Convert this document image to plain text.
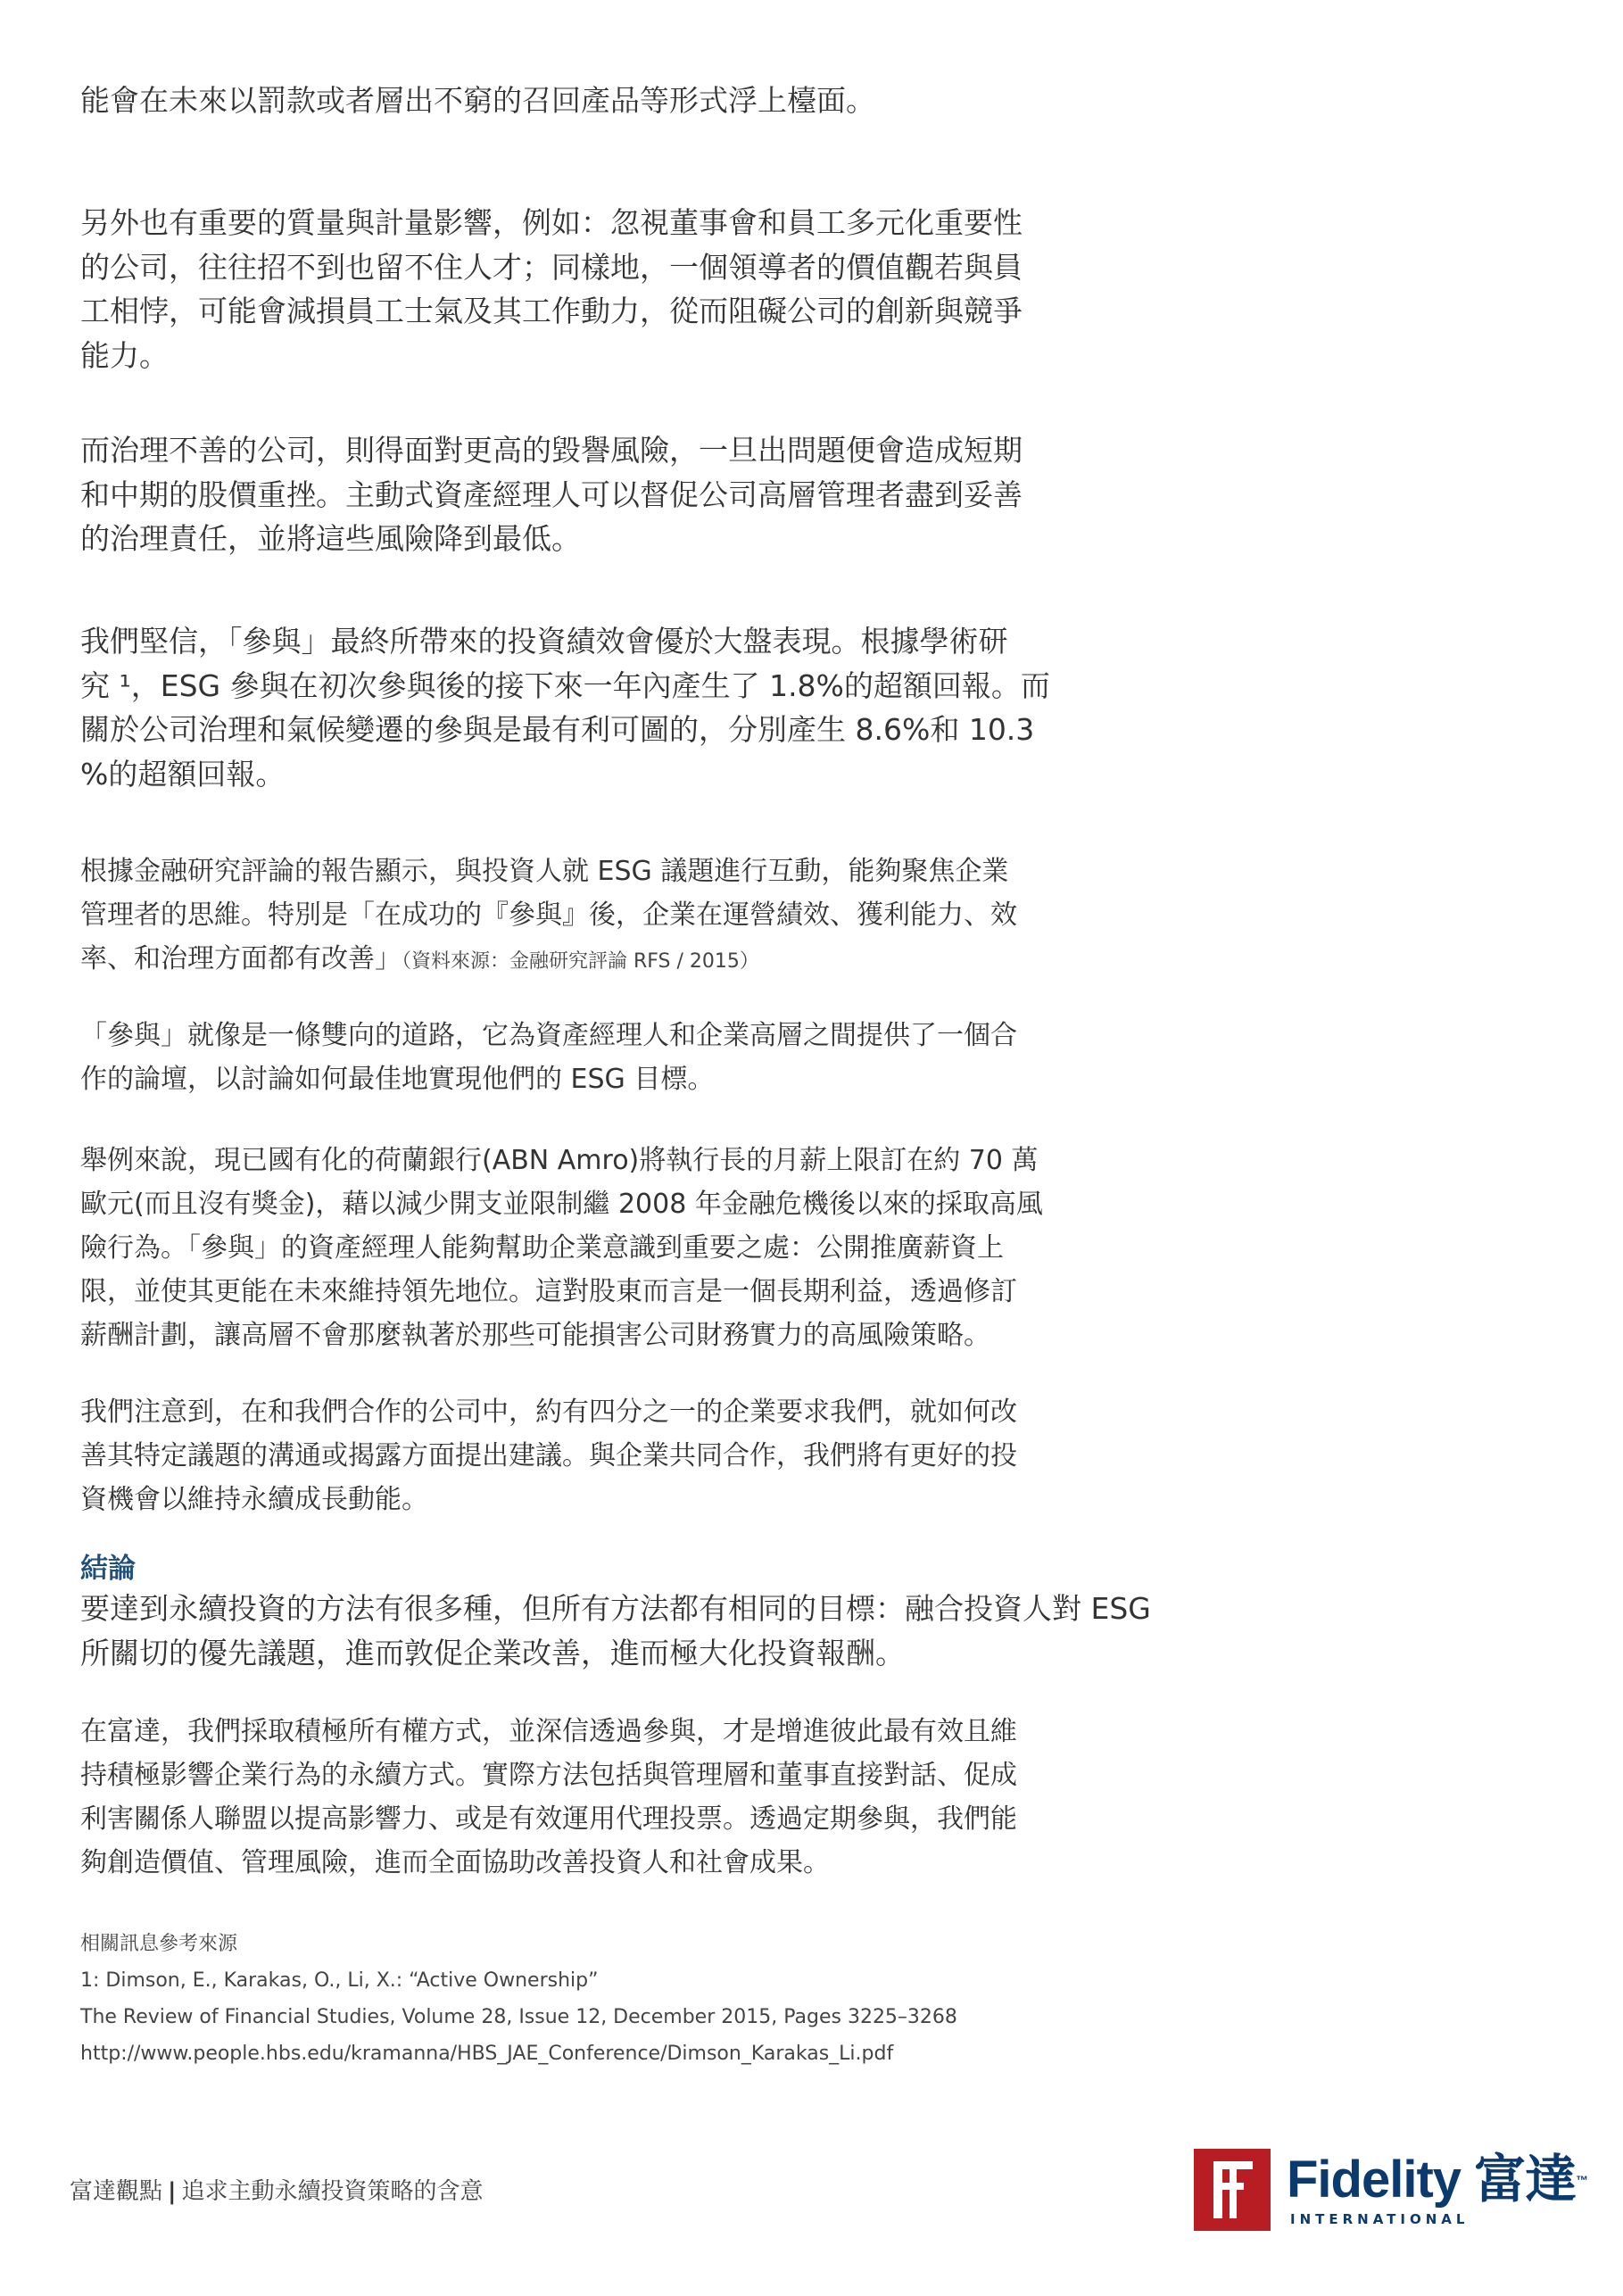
能會在未來以罰款或者層出不窮的召回產品等形式浮上檯面。

另外也有重要的質量與計量影響，例如：忽視董事會和員工多元化重要性
的公司，往往招不到也留不住人才；同樣地，一個領導者的價值觀若與員
工相悖，可能會減損員工士氣及其工作動力，從而阻礙公司的創新與競爭
能力。

而治理不善的公司，則得面對更高的毀譽風險，一旦出問題便會造成短期
和中期的股價重挫。主動式資產經理人可以督促公司高層管理者盡到妥善
的治理責任，並將這些風險降到最低。

我們堅信，「參與」最終所帶來的投資績效會優於大盤表現。根據學術研
究 ¹，ESG 參與在初次參與後的接下來一年內產生了 1.8%的超額回報。而
關於公司治理和氣候變遷的參與是最有利可圖的，分別產生 8.6%和 10.3
%的超額回報。

根據金融研究評論的報告顯示，與投資人就 ESG 議題進行互動，能夠聚焦企業
管理者的思維。特別是「在成功的『參與』後，企業在運營績效、獲利能力、效
率、和治理方面都有改善」（資料來源：金融研究評論 RFS / 2015）

「參與」就像是一條雙向的道路，它為資產經理人和企業高層之間提供了一個合
作的論壇，以討論如何最佳地實現他們的 ESG 目標。

舉例來說，現已國有化的荷蘭銀行(ABN Amro)將執行長的月薪上限訂在約 70 萬
歐元(而且沒有獎金)，藉以減少開支並限制繼 2008 年金融危機後以來的採取高風
險行為。「參與」的資產經理人能夠幫助企業意識到重要之處：公開推廣薪資上
限，並使其更能在未來維持領先地位。這對股東而言是一個長期利益，透過修訂
薪酬計劃，讓高層不會那麼執著於那些可能損害公司財務實力的高風險策略。

我們注意到，在和我們合作的公司中，約有四分之一的企業要求我們，就如何改
善其特定議題的溝通或揭露方面提出建議。與企業共同合作，我們將有更好的投
資機會以維持永續成長動能。

結論

要達到永續投資的方法有很多種，但所有方法都有相同的目標：融合投資人對 ESG
所關切的優先議題，進而敦促企業改善，進而極大化投資報酬。

在富達，我們採取積極所有權方式，並深信透過參與，才是增進彼此最有效且維
持積極影響企業行為的永續方式。實際方法包括與管理層和董事直接對話、促成
利害關係人聯盟以提高影響力、或是有效運用代理投票。透過定期參與，我們能
夠創造價值、管理風險，進而全面協助改善投資人和社會成果。

相關訊息參考來源
1: Dimson, E., Karakas, O., Li, X.: “Active Ownership”
The Review of Financial Studies, Volume 28, Issue 12, December 2015, Pages 3225–3268
http://www.people.hbs.edu/kramanna/HBS_JAE_Conference/Dimson_Karakas_Li.pdf
富達觀點 | 追求主動永續投資策略的含意	Fidelity 富達™
INTERNATIONAL
